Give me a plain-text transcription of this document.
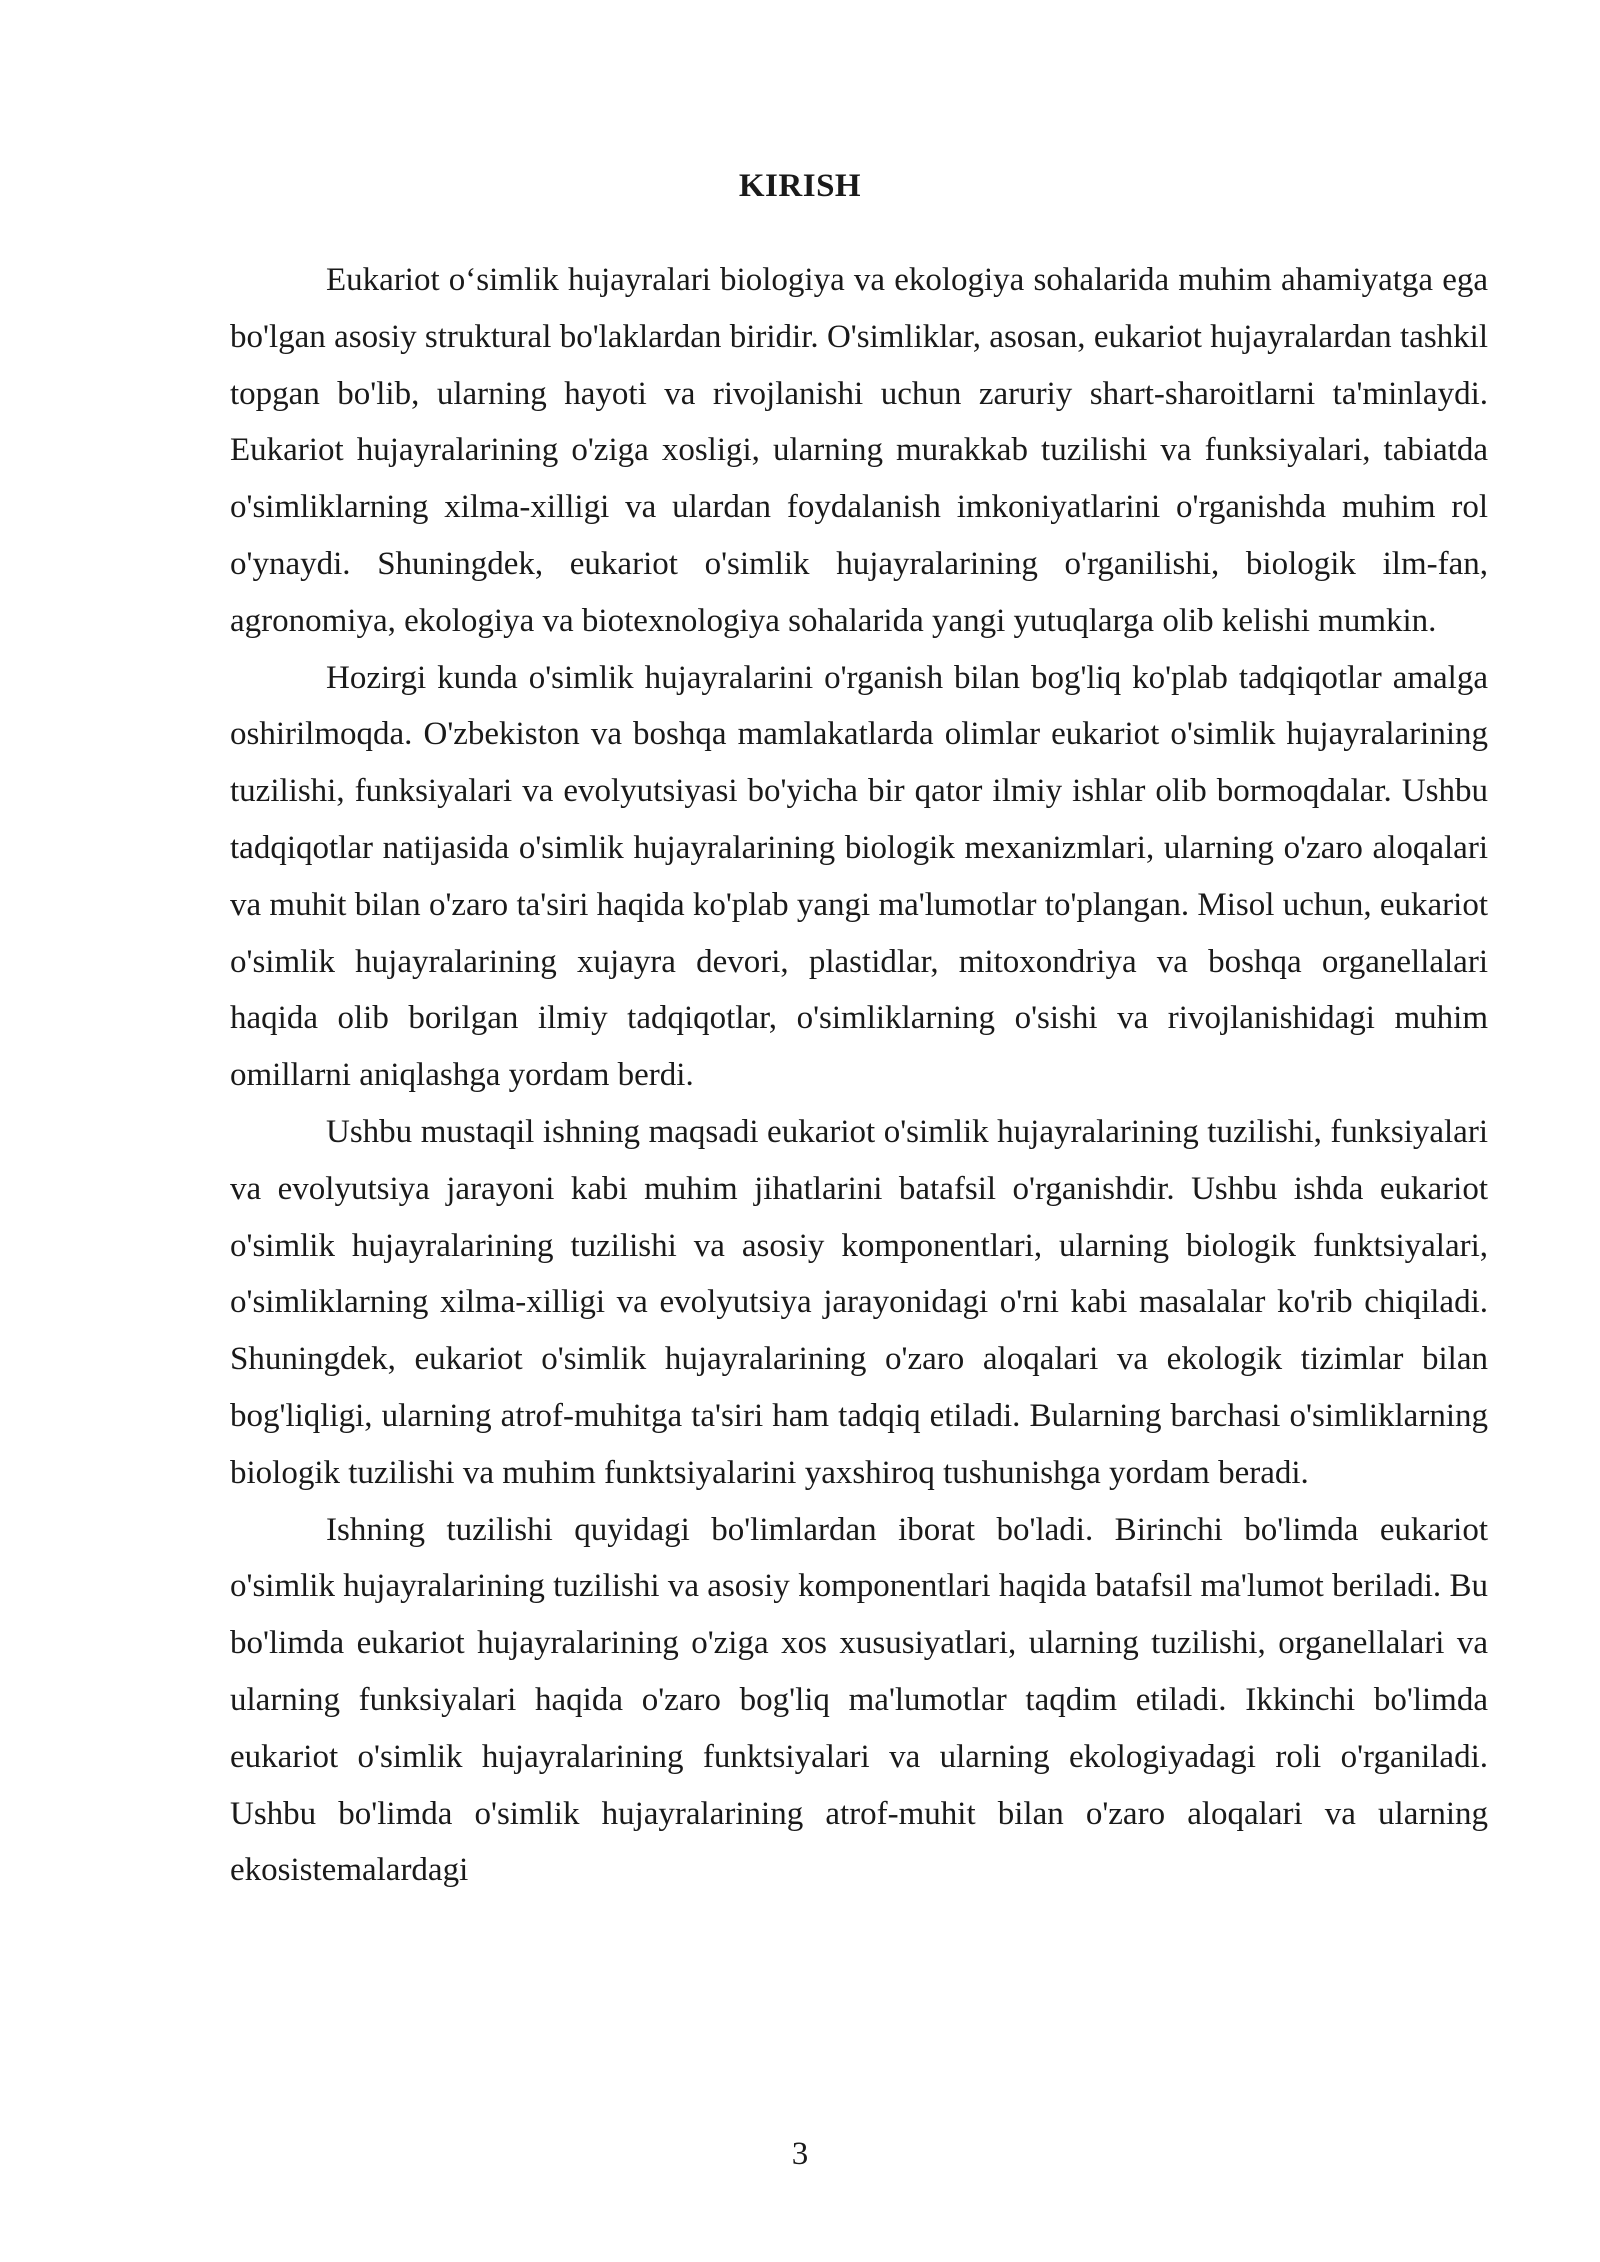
KIRISH

Eukariot o‘simlik hujayralari biologiya va ekologiya sohalarida muhim ahamiyatga ega bo'lgan asosiy struktural bo'laklardan biridir. O'simliklar, asosan, eukariot hujayralardan tashkil topgan bo'lib, ularning hayoti va rivojlanishi uchun zaruriy shart-sharoitlarni ta'minlaydi. Eukariot hujayralarining o'ziga xosligi, ularning murakkab tuzilishi va funksiyalari, tabiatda o'simliklarning xilma-xilligi va ulardan foydalanish imkoniyatlarini o'rganishda muhim rol o'ynaydi. Shuningdek, eukariot o'simlik hujayralarining o'rganilishi, biologik ilm-fan, agronomiya, ekologiya va biotexnologiya sohalarida yangi yutuqlarga olib kelishi mumkin.

Hozirgi kunda o'simlik hujayralarini o'rganish bilan bog'liq ko'plab tadqiqotlar amalga oshirilmoqda. O'zbekiston va boshqa mamlakatlarda olimlar eukariot o'simlik hujayralarining tuzilishi, funksiyalari va evolyutsiyasi bo'yicha bir qator ilmiy ishlar olib bormoqdalar. Ushbu tadqiqotlar natijasida o'simlik hujayralarining biologik mexanizmlari, ularning o'zaro aloqalari va muhit bilan o'zaro ta'siri haqida ko'plab yangi ma'lumotlar to'plangan. Misol uchun, eukariot o'simlik hujayralarining xujayra devori, plastidlar, mitoxondriya va boshqa organellalari haqida olib borilgan ilmiy tadqiqotlar, o'simliklarning o'sishi va rivojlanishidagi muhim omillarni aniqlashga yordam berdi.

Ushbu mustaqil ishning maqsadi eukariot o'simlik hujayralarining tuzilishi, funksiyalari va evolyutsiya jarayoni kabi muhim jihatlarini batafsil o'rganishdir. Ushbu ishda eukariot o'simlik hujayralarining tuzilishi va asosiy komponentlari, ularning biologik funktsiyalari, o'simliklarning xilma-xilligi va evolyutsiya jarayonidagi o'rni kabi masalalar ko'rib chiqiladi. Shuningdek, eukariot o'simlik hujayralarining o'zaro aloqalari va ekologik tizimlar bilan bog'liqligi, ularning atrof-muhitga ta'siri ham tadqiq etiladi. Bularning barchasi o'simliklarning biologik tuzilishi va muhim funktsiyalarini yaxshiroq tushunishga yordam beradi.

Ishning tuzilishi quyidagi bo'limlardan iborat bo'ladi. Birinchi bo'limda eukariot o'simlik hujayralarining tuzilishi va asosiy komponentlari haqida batafsil ma'lumot beriladi. Bu bo'limda eukariot hujayralarining o'ziga xos xususiyatlari, ularning tuzilishi, organellalari va ularning funksiyalari haqida o'zaro bog'liq ma'lumotlar taqdim etiladi. Ikkinchi bo'limda eukariot o'simlik hujayralarining funktsiyalari va ularning ekologiyadagi roli o'rganiladi. Ushbu bo'limda o'simlik hujayralarining atrof-muhit bilan o'zaro aloqalari va ularning ekosistemalardagi

3
